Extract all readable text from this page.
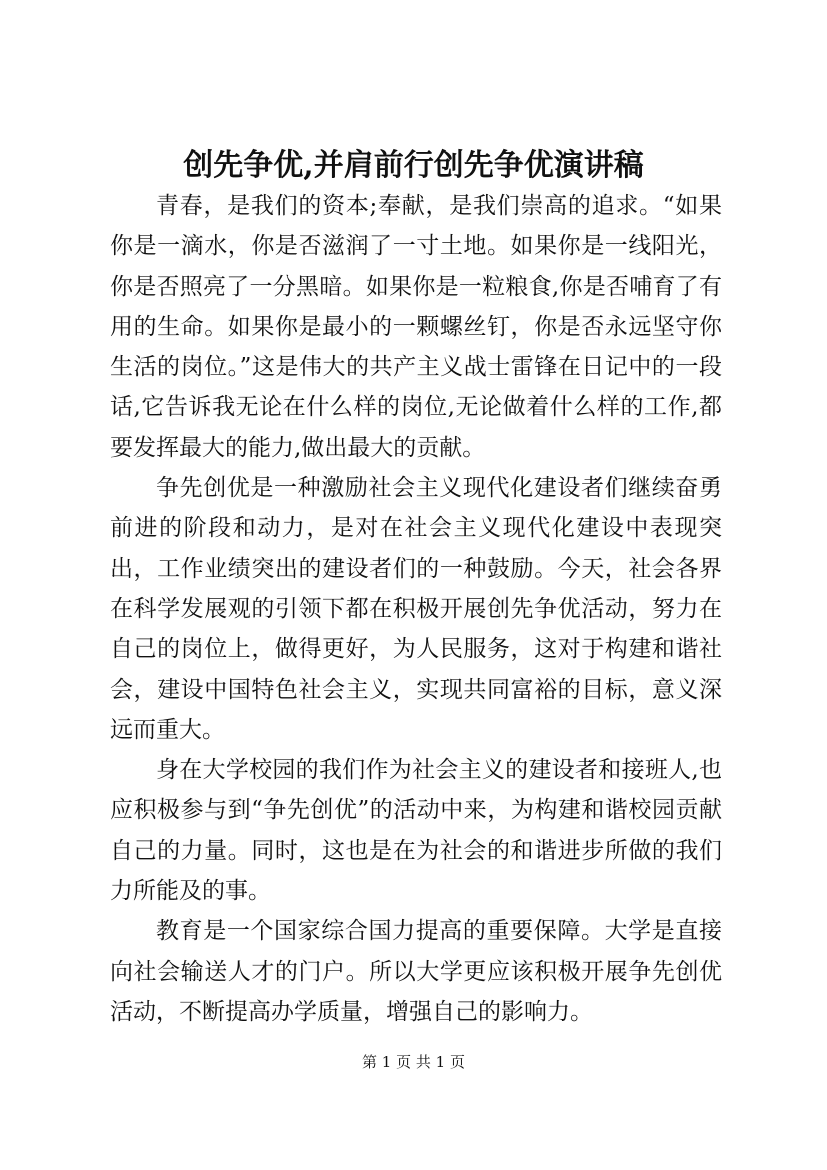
创先争优,并肩前行创先争优演讲稿

青春，是我们的资本;奉献，是我们崇高的追求。“如果你是一滴水，你是否滋润了一寸土地。如果你是一线阳光，你是否照亮了一分黑暗。如果你是一粒粮食,你是否哺育了有用的生命。如果你是最小的一颗螺丝钉，你是否永远坚守你生活的岗位。”这是伟大的共产主义战士雷锋在日记中的一段话,它告诉我无论在什么样的岗位,无论做着什么样的工作,都要发挥最大的能力,做出最大的贡献。

争先创优是一种激励社会主义现代化建设者们继续奋勇前进的阶段和动力，是对在社会主义现代化建设中表现突出，工作业绩突出的建设者们的一种鼓励。今天，社会各界在科学发展观的引领下都在积极开展创先争优活动，努力在自己的岗位上，做得更好，为人民服务，这对于构建和谐社会，建设中国特色社会主义，实现共同富裕的目标，意义深远而重大。

身在大学校园的我们作为社会主义的建设者和接班人,也应积极参与到“争先创优”的活动中来，为构建和谐校园贡献自己的力量。同时，这也是在为社会的和谐进步所做的我们力所能及的事。

教育是一个国家综合国力提高的重要保障。大学是直接向社会输送人才的门户。所以大学更应该积极开展争先创优活动，不断提高办学质量，增强自己的影响力。

第 1 页 共 1 页
